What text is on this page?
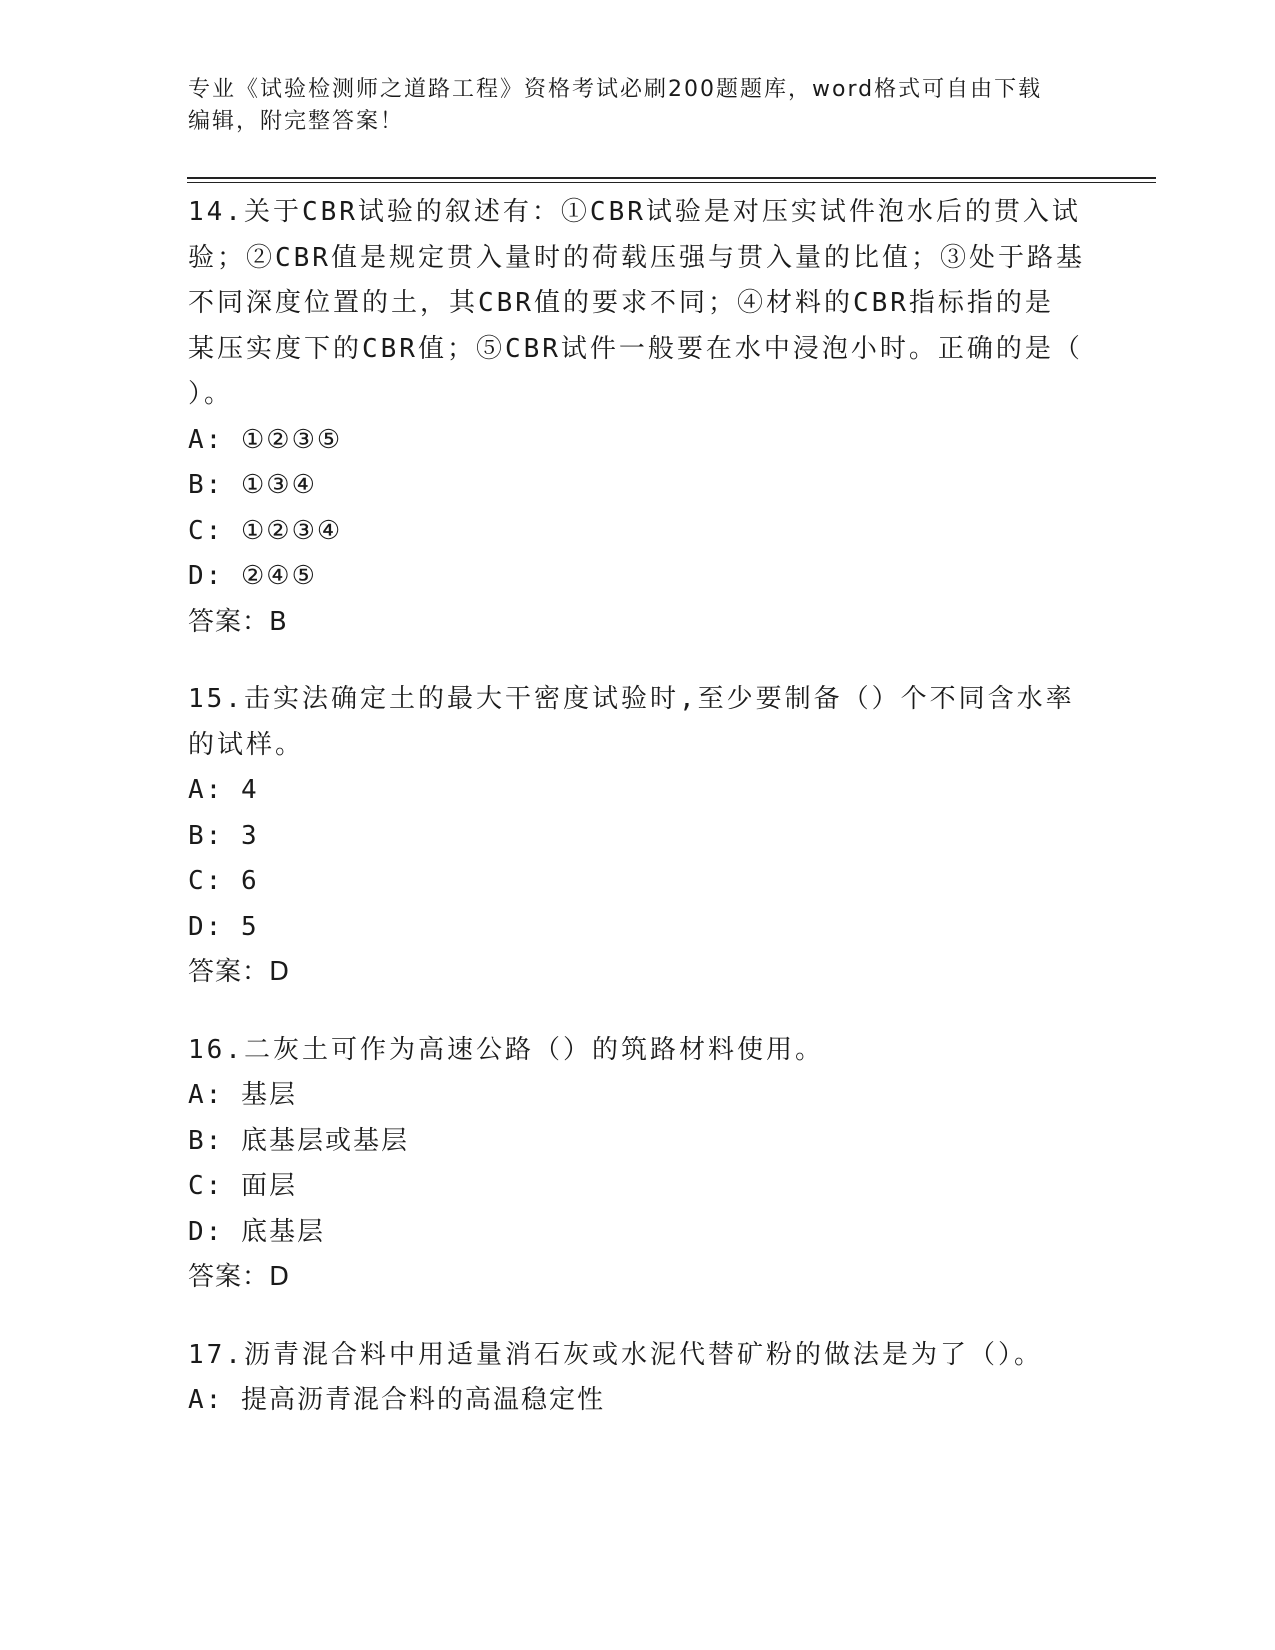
专业《试验检测师之道路工程》资格考试必刷200题题库，word格式可自由下载
编辑，附完整答案！

14.关于CBR试验的叙述有：①CBR试验是对压实试件泡水后的贯入试

验；②CBR值是规定贯入量时的荷载压强与贯入量的比值；③处于路基

不同深度位置的土，其CBR值的要求不同；④材料的CBR指标指的是

某压实度下的CBR值；⑤CBR试件一般要在水中浸泡小时。正确的是（

）。

A: ①②③⑤

B: ①③④

C: ①②③④

D: ②④⑤

答案：B

15.击实法确定土的最大干密度试验时,至少要制备（）个不同含水率

的试样。

A: 4

B: 3

C: 6

D: 5

答案：D

16.二灰土可作为高速公路（）的筑路材料使用。

A: 基层

B: 底基层或基层

C: 面层

D: 底基层

答案：D

17.沥青混合料中用适量消石灰或水泥代替矿粉的做法是为了（）。

A: 提高沥青混合料的高温稳定性
